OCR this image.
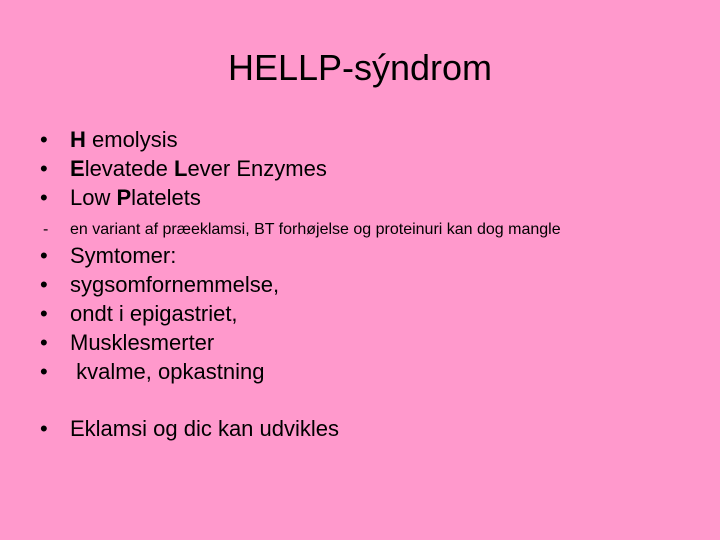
HELLP-sýndrom
• H emolysis
• Elevatede Lever Enzymes
• Low Platelets
- en variant af præeklamsi, BT forhøjelse og proteinuri kan dog mangle
• Symtomer:
• sygsomfornemmelse,
• ondt i epigastriet,
• Musklesmerter
• kvalme, opkastning
• Eklamsi og dic kan udvikles
